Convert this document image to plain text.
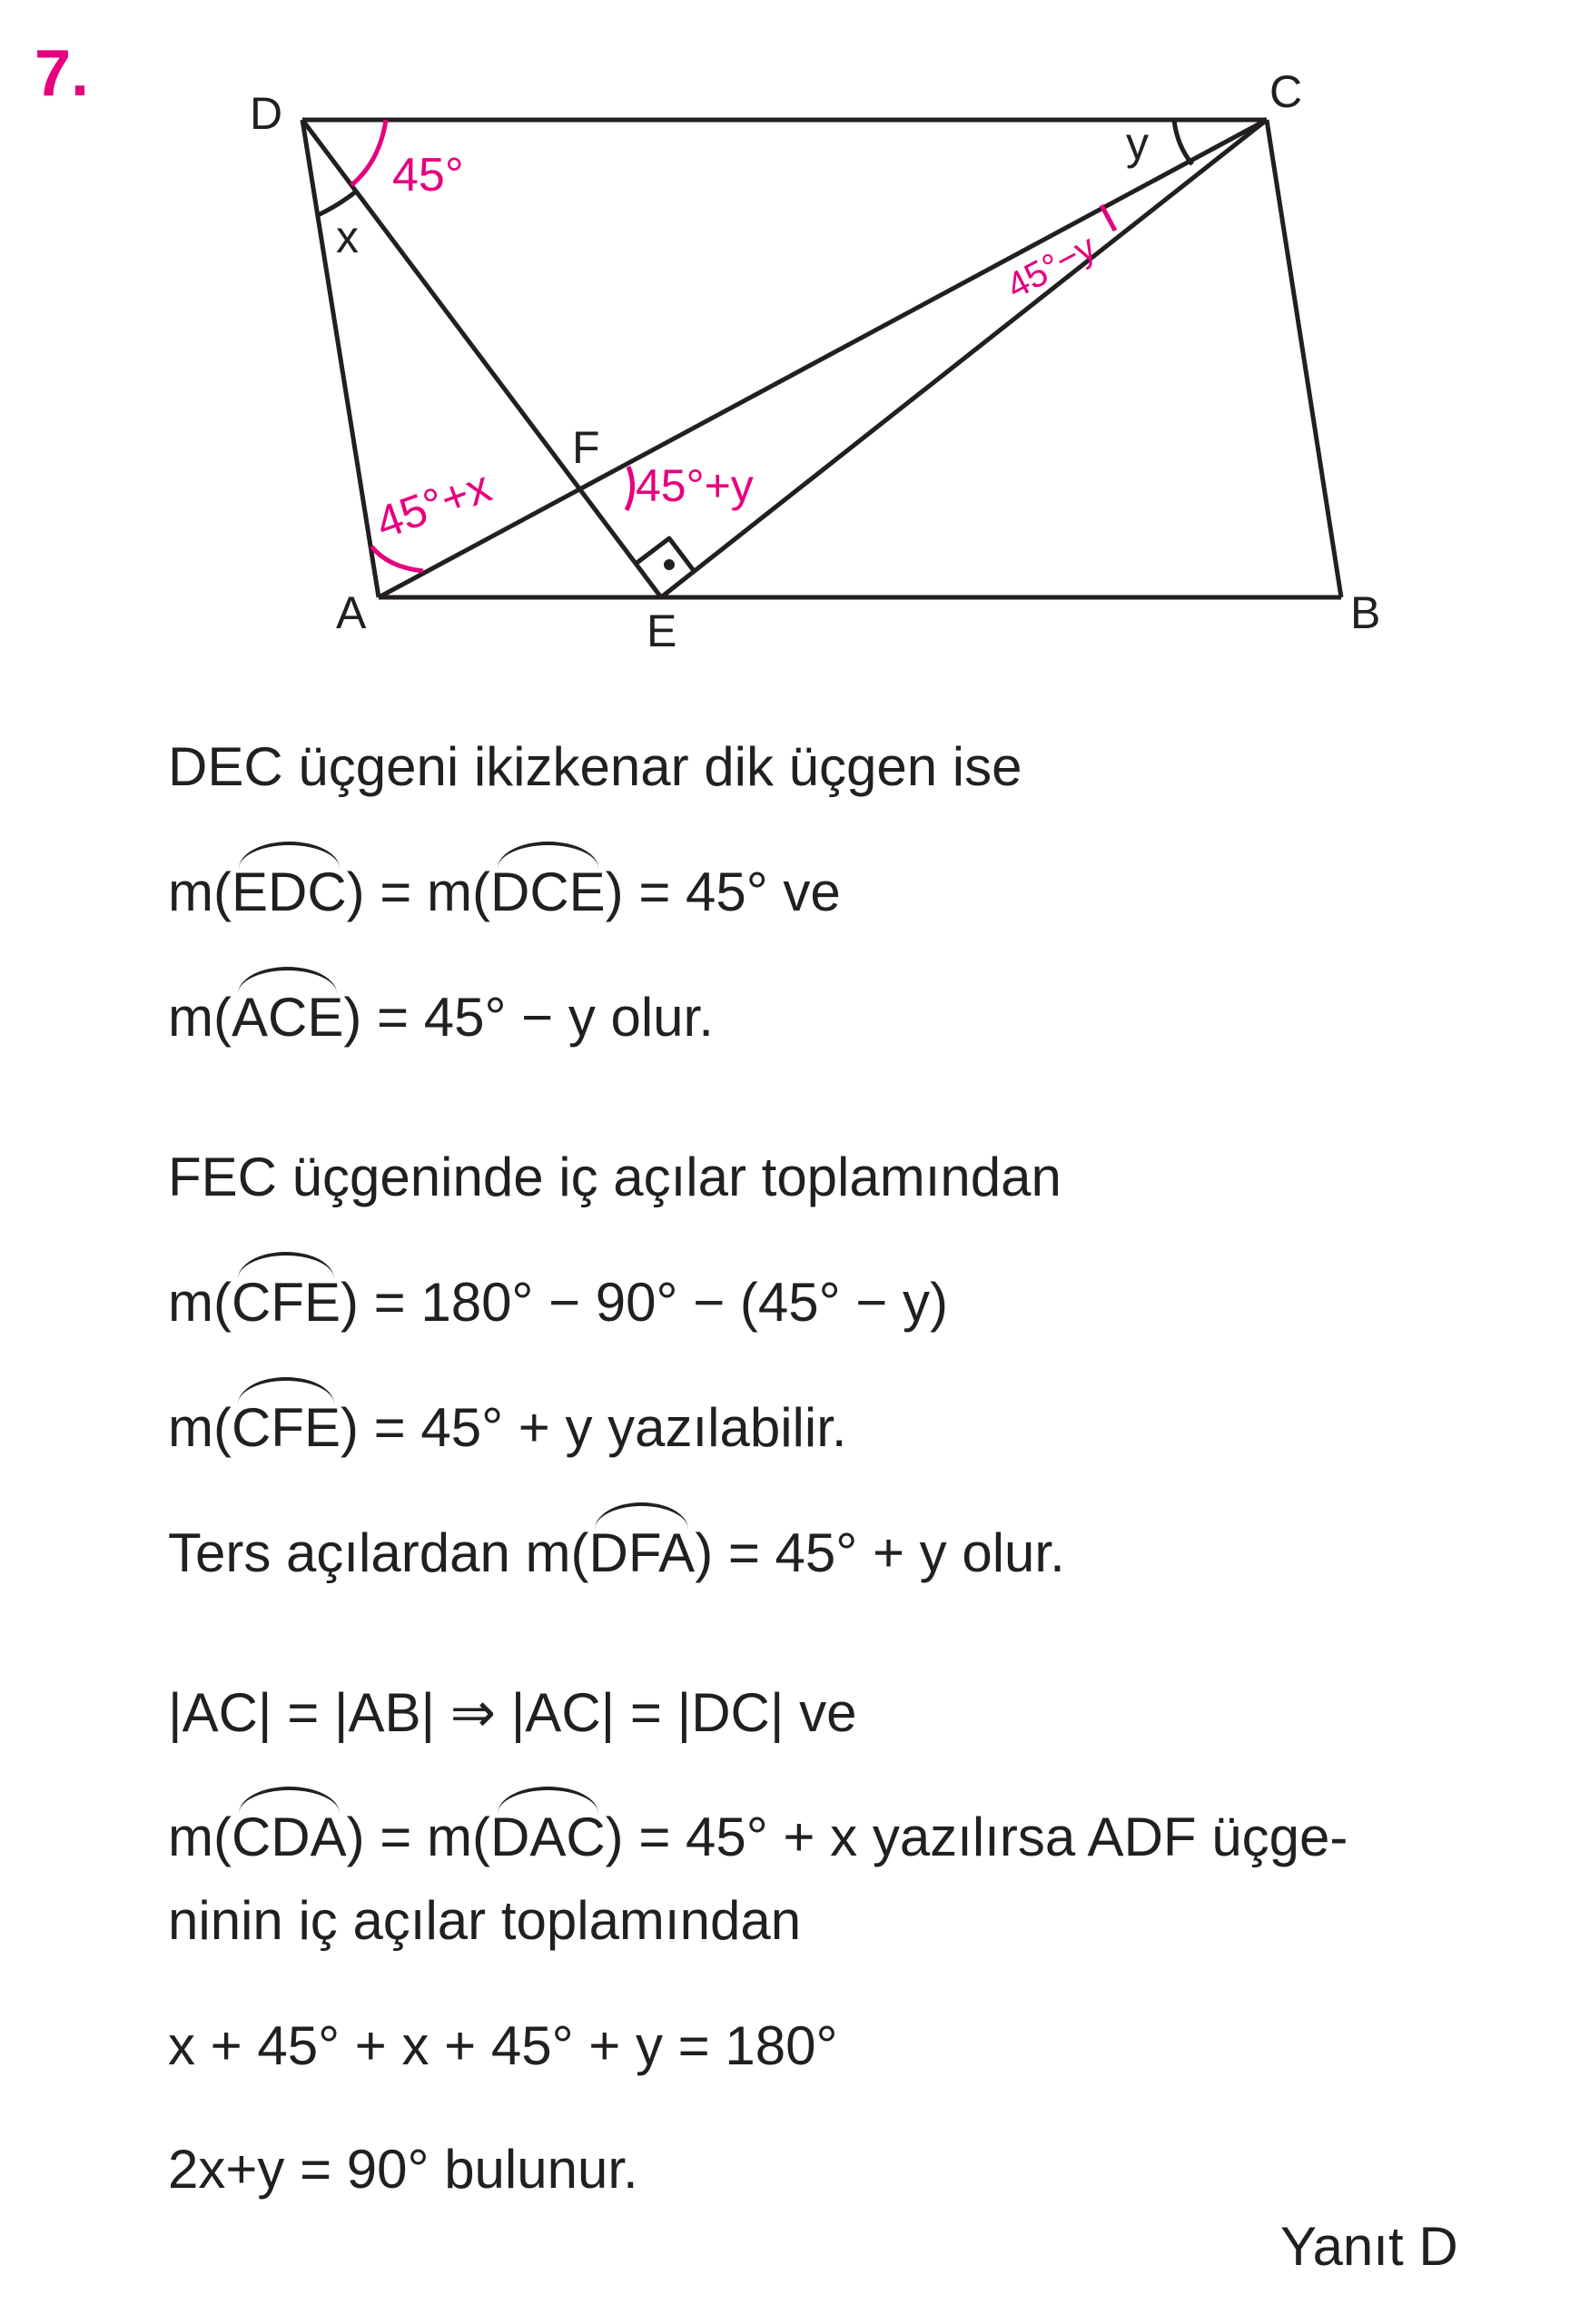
7.
D	C
A	E	B
F
x
y
45°
45°−y
45°+x	45°+y
DEC üçgeni ikizkenar dik üçgen ise
m(EDC) = m(DCE) = 45° ve
m(ACE) = 45° − y olur.
FEC üçgeninde iç açılar toplamından
m(CFE) = 180° − 90° − (45° − y)
m(CFE) = 45° + y yazılabilir.
Ters açılardan m(DFA) = 45° + y olur.
|AC| = |AB| ⇒ |AC| = |DC| ve
m(CDA) = m(DAC) = 45° + x yazılırsa ADF üçge-
ninin iç açılar toplamından
x + 45° + x + 45° + y = 180°
2x+y = 90° bulunur.
Yanıt D
